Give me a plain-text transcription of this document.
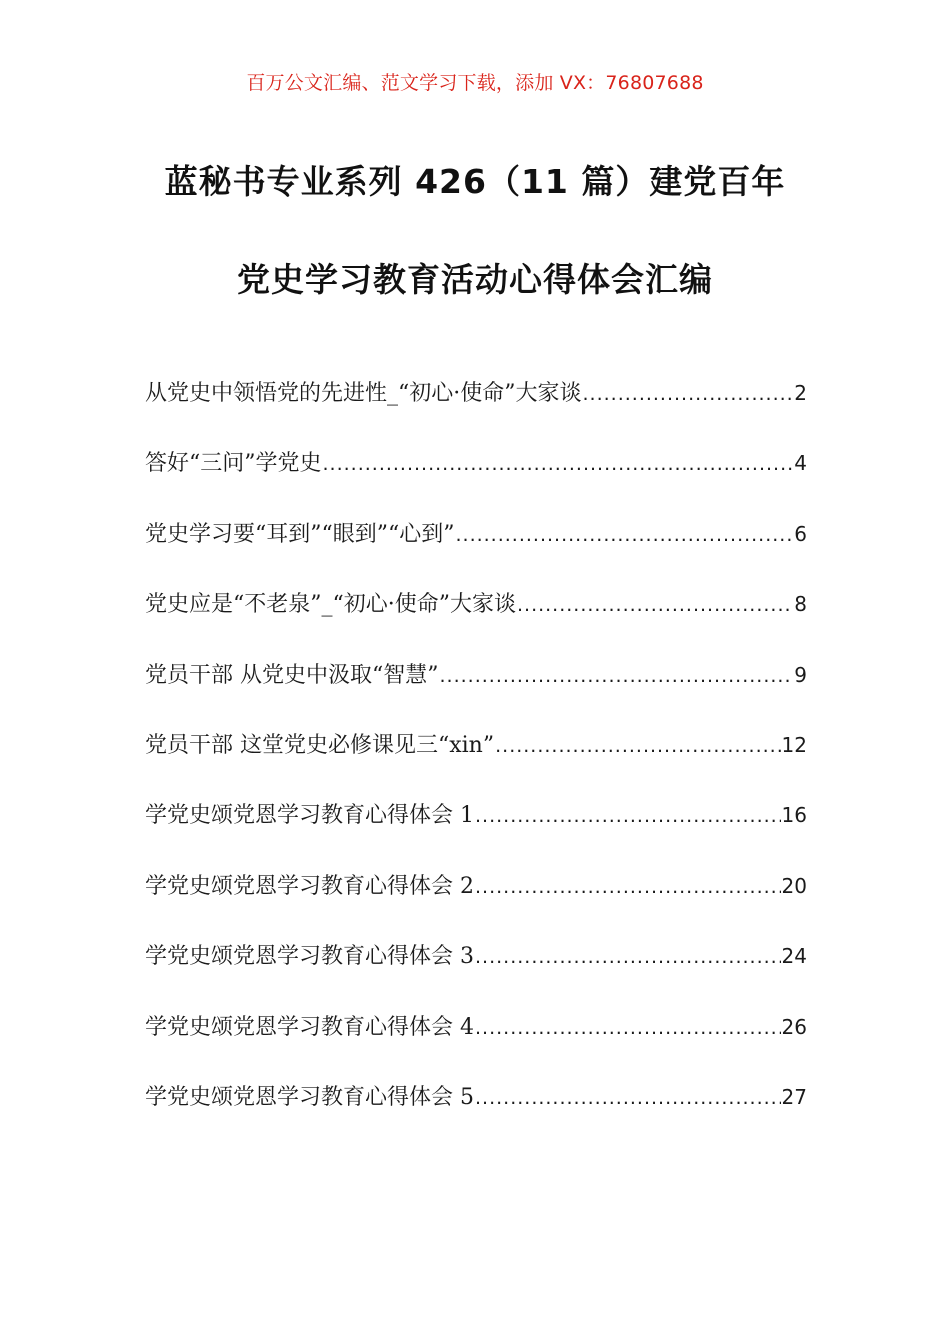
百万公文汇编、范文学习下载，添加 VX：76807688
蓝秘书专业系列 426（11 篇）建党百年
党史学习教育活动心得体会汇编
从党史中领悟党的先进性_“初心·使命”大家谈 .....	2
答好“三问”学党史 .....	4
党史学习要“耳到”“眼到”“心到” .....	6
党史应是“不老泉”_“初心·使命”大家谈 .....	8
党员干部 从党史中汲取“智慧” .....	9
党员干部 这堂党史必修课见三“xin” .....	12
学党史颂党恩学习教育心得体会 1 .....	16
学党史颂党恩学习教育心得体会 2 .....	20
学党史颂党恩学习教育心得体会 3 .....	24
学党史颂党恩学习教育心得体会 4 .....	26
学党史颂党恩学习教育心得体会 5 .....	27
